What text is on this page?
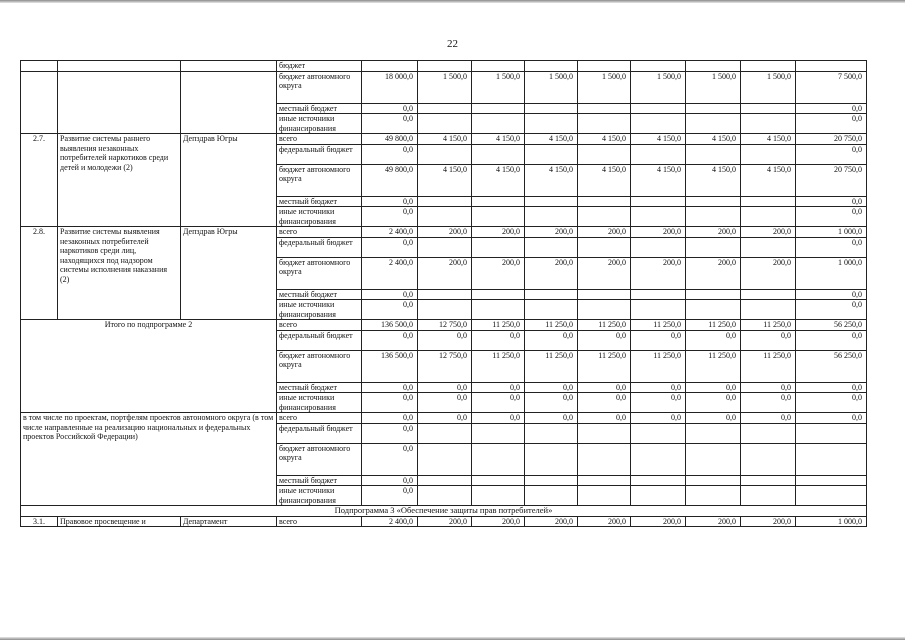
22
			бюджет									
			бюджет автономного округа	18 000,0	1 500,0	1 500,0	1 500,0	1 500,0	1 500,0	1 500,0	1 500,0	7 500,0
			местный бюджет	0,0								0,0
			иные источники финансирования	0,0								0,0
2.7.	Развитие системы раннего выявления незаконных потребителей наркотиков среди детей и молодежи (2)	Депздрав Югры	всего	49 800,0	4 150,0	4 150,0	4 150,0	4 150,0	4 150,0	4 150,0	4 150,0	20 750,0
			федеральный бюджет	0,0								0,0
			бюджет автономного округа	49 800,0	4 150,0	4 150,0	4 150,0	4 150,0	4 150,0	4 150,0	4 150,0	20 750,0
			местный бюджет	0,0								0,0
			иные источники финансирования	0,0								0,0
2.8.	Развитие системы выявления незаконных потребителей наркотиков среди лиц, находящихся под надзором системы исполнения наказания (2)	Депздрав Югры	всего	2 400,0	200,0	200,0	200,0	200,0	200,0	200,0	200,0	1 000,0
			федеральный бюджет	0,0								0,0
			бюджет автономного округа	2 400,0	200,0	200,0	200,0	200,0	200,0	200,0	200,0	1 000,0
			местный бюджет	0,0								0,0
			иные источники финансирования	0,0								0,0
Итого по подпрограмме 2			всего	136 500,0	12 750,0	11 250,0	11 250,0	11 250,0	11 250,0	11 250,0	11 250,0	56 250,0
			федеральный бюджет	0,0	0,0	0,0	0,0	0,0	0,0	0,0	0,0	0,0
			бюджет автономного округа	136 500,0	12 750,0	11 250,0	11 250,0	11 250,0	11 250,0	11 250,0	11 250,0	56 250,0
			местный бюджет	0,0	0,0	0,0	0,0	0,0	0,0	0,0	0,0	0,0
			иные источники финансирования	0,0	0,0	0,0	0,0	0,0	0,0	0,0	0,0	0,0
в том числе по проектам, портфелям проектов автономного округа (в том числе направленные на реализацию национальных и федеральных проектов Российской Федерации)			всего	0,0	0,0	0,0	0,0	0,0	0,0	0,0	0,0	0,0
			федеральный бюджет	0,0								
			бюджет автономного округа	0,0								
			местный бюджет	0,0								
			иные источники финансирования	0,0								
Подпрограмма 3 «Обеспечение защиты прав потребителей»												
3.1.	Правовое просвещение и	Департамент	всего	2 400,0	200,0	200,0	200,0	200,0	200,0	200,0	200,0	1 000,0
